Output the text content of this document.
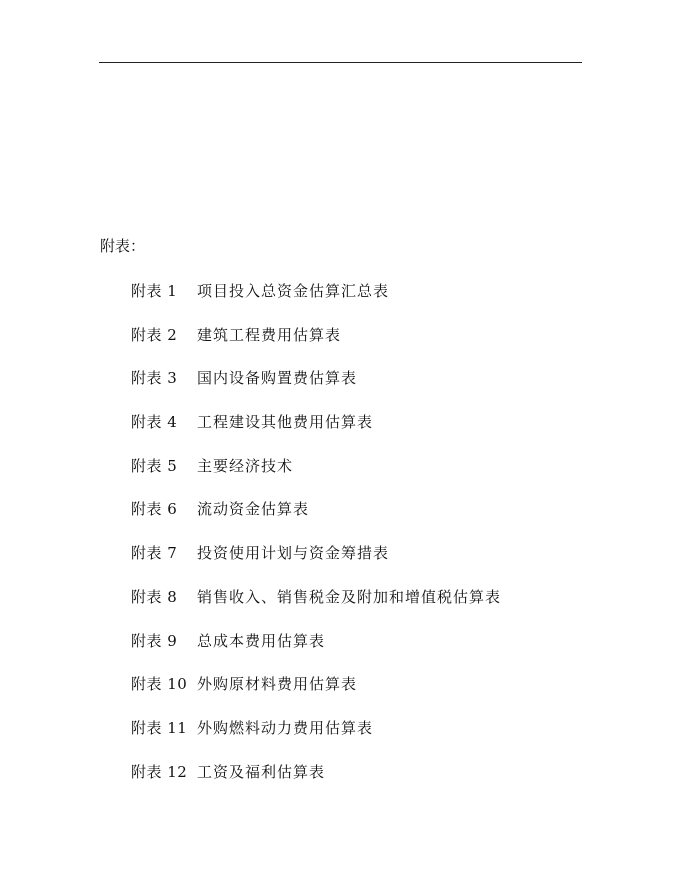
附表：
附表 1	项目投入总资金估算汇总表
附表 2	建筑工程费用估算表
附表 3	国内设备购置费估算表
附表 4	工程建设其他费用估算表
附表 5	主要经济技术
附表 6	流动资金估算表
附表 7	投资使用计划与资金筹措表
附表 8	销售收入、销售税金及附加和增值税估算表
附表 9	总成本费用估算表
附表 10 外购原材料费用估算表
附表 11 外购燃料动力费用估算表
附表 12 工资及福利估算表
